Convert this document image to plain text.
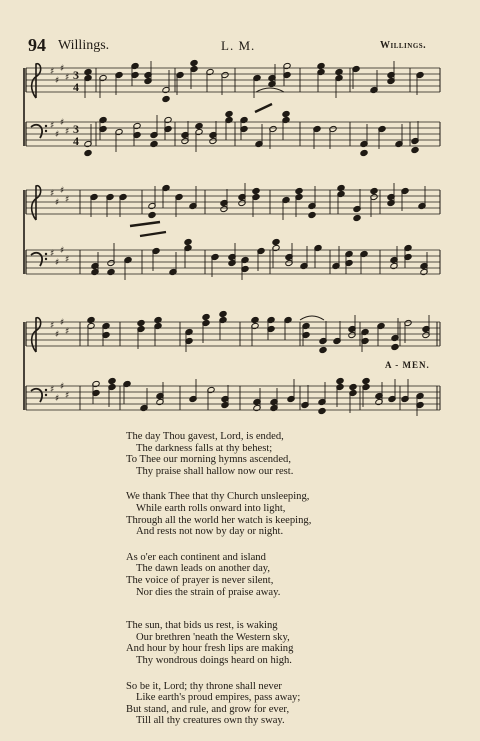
94 Willings.	L. M.	Willings.
♯
♯
♯
♯ 3
4
♯
♯
♯
♯ 3
4
♯
♯
♯
♯
♯
♯
♯
♯
♯
♯
♯
♯
♯
♯
♯
♯
A - MEN.
The day Thou gavest, Lord, is ended,
The darkness falls at thy behest;
To Thee our morning hymns ascended,
Thy praise shall hallow now our rest.
We thank Thee that thy Church unsleeping,
While earth rolls onward into light,
Through all the world her watch is keeping,
And rests not now by day or night.
As o'er each continent and island
The dawn leads on another day,
The voice of prayer is never silent,
Nor dies the strain of praise away.
The sun, that bids us rest, is waking
Our brethren 'neath the Western sky,
And hour by hour fresh lips are making
Thy wondrous doings heard on high.
So be it, Lord; thy throne shall never
Like earth's proud empires, pass away;
But stand, and rule, and grow for ever,
Till all thy creatures own thy sway.
